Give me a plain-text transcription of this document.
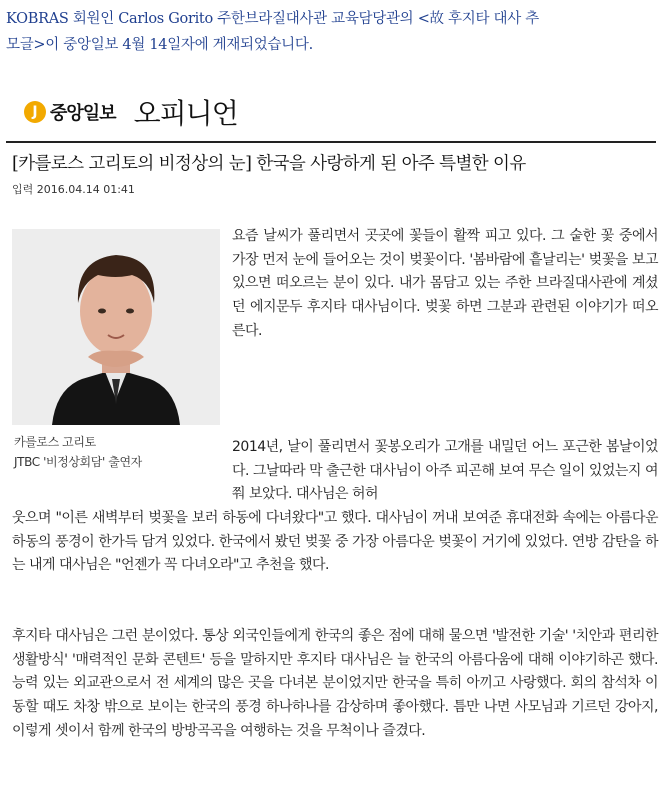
KOBRAS 회원인 Carlos Gorito 주한브라질대사관 교육담당관의 <故 후지타 대사 추
모글>이 중앙일보 4월 14일자에 게재되었습니다.
J 중앙일보 오피니언
[카를로스 고리토의 비정상의 눈] 한국을 사랑하게 된 아주 특별한 이유
입력 2016.04.14 01:41
카를로스 고리토
JTBC '비정상회담' 출연자
요즘 날씨가 풀리면서 곳곳에 꽃들이 활짝 피고 있다. 그 숱한 꽃 중에서 가장 먼저 눈에 들어오는 것이 벚꽃이다. '봄바람에 흩날리는' 벚꽃을 보고 있으면 떠오르는 분이 있다. 내가 몸담고 있는 주한 브라질대사관에 계셨던 에지문두 후지타 대사님이다. 벚꽃 하면 그분과 관련된 이야기가 떠오른다.
2014년, 날이 풀리면서 꽃봉오리가 고개를 내밀던 어느 포근한 봄날이었다. 그날따라 막 출근한 대사님이 아주 피곤해 보여 무슨 일이 있었는지 여쭤 보았다. 대사님은 허허
웃으며 "이른 새벽부터 벚꽃을 보러 하동에 다녀왔다"고 했다. 대사님이 꺼내 보여준 휴대전화 속에는 아름다운 하동의 풍경이 한가득 담겨 있었다. 한국에서 봤던 벚꽃 중 가장 아름다운 벚꽃이 거기에 있었다. 연방 감탄을 하는 내게 대사님은 "언젠가 꼭 다녀오라"고 추천을 했다.
후지타 대사님은 그런 분이었다. 통상 외국인들에게 한국의 좋은 점에 대해 물으면 '발전한 기술' '치안과 편리한 생활방식' '매력적인 문화 콘텐트' 등을 말하지만 후지타 대사님은 늘 한국의 아름다움에 대해 이야기하곤 했다. 능력 있는 외교관으로서 전 세계의 많은 곳을 다녀본 분이었지만 한국을 특히 아끼고 사랑했다. 회의 참석차 이동할 때도 차창 밖으로 보이는 한국의 풍경 하나하나를 감상하며 좋아했다. 틈만 나면 사모님과 기르던 강아지, 이렇게 셋이서 함께 한국의 방방곡곡을 여행하는 것을 무척이나 즐겼다.
